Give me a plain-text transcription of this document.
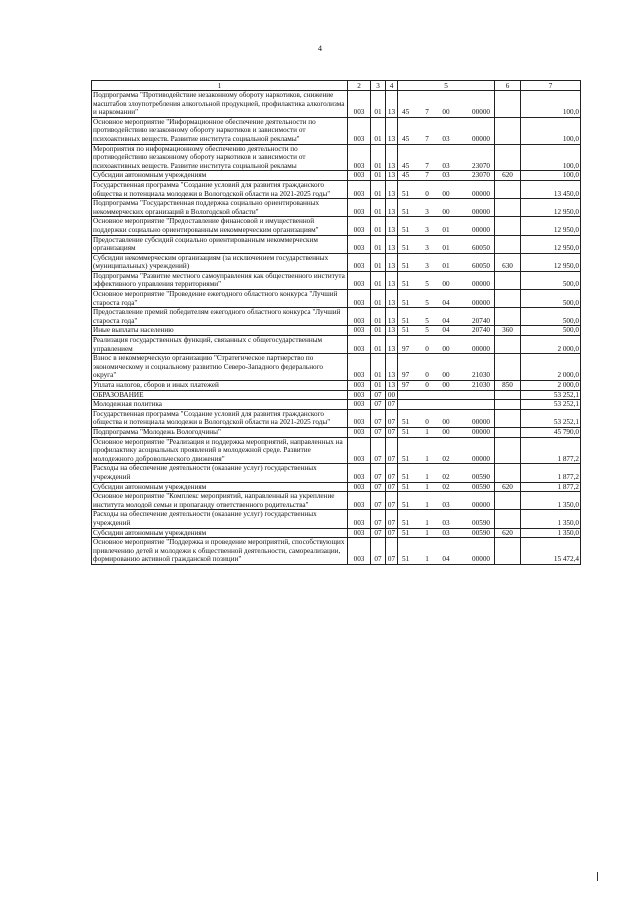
4
1	2	3	4	5	6	7
Подпрограмма "Противодействие незаконному обороту наркотиков, снижение масштабов злоупотребления алкогольной продукцией, профилактика алкоголизма и наркомании"	003	01	13	45 7 00 00000		100,0
Основное мероприятие "Информационное обеспечение деятельности по противодействию незаконному обороту наркотиков и зависимости от психоактивных веществ. Развитие института социальной рекламы"	003	01	13	45 7 03 00000		100,0
Мероприятия по информационному обеспечению деятельности по противодействию незаконному обороту наркотиков и зависимости от психоактивных веществ. Развитие института социальной рекламы	003	01	13	45 7 03 23070		100,0
Субсидии автономным учреждениям	003	01	13	45 7 03 23070	620	100,0
Государственная программа "Создание условий для развития гражданского общества и потенциала молодежи в Вологодской области на 2021-2025 годы"	003	01	13	51 0 00 00000		13 450,0
Подпрограмма "Государственная поддержка социально ориентированных некоммерческих организаций в Вологодской области"	003	01	13	51 3 00 00000		12 950,0
Основное мероприятие "Предоставление финансовой и имущественной поддержки социально ориентированным некоммерческим организациям"	003	01	13	51 3 01 00000		12 950,0
Предоставление субсидий социально ориентированным некоммерческим организациям	003	01	13	51 3 01 60050		12 950,0
Субсидии некоммерческим организациям (за исключением государственных (муниципальных) учреждений)	003	01	13	51 3 01 60050	630	12 950,0
Подпрограмма "Развитие местного самоуправления как общественного института эффективного управления территориями"	003	01	13	51 5 00 00000		500,0
Основное мероприятие "Проведение ежегодного областного конкурса "Лучший староста года"	003	01	13	51 5 04 00000		500,0
Предоставление премий победителям ежегодного областного конкурса "Лучший староста года"	003	01	13	51 5 04 20740		500,0
Иные выплаты населению	003	01	13	51 5 04 20740	360	500,0
Реализация государственных функций, связанных с общегосударственным управлением	003	01	13	97 0 00 00000		2 000,0
Взнос в некоммерческую организацию "Стратегическое партнерство по экономическому и социальному развитию Северо-Западного федерального округа"	003	01	13	97 0 00 21030		2 000,0
Уплата налогов, сборов и иных платежей	003	01	13	97 0 00 21030	850	2 000,0
ОБРАЗОВАНИЕ	003	07	00			53 252,1
Молодежная политика	003	07	07			53 252,1
Государственная программа "Создание условий для развития гражданского общества и потенциала молодежи в Вологодской области на 2021-2025 годы"	003	07	07	51 0 00 00000		53 252,1
Подпрограмма "Молодежь Вологодчины"	003	07	07	51 1 00 00000		45 790,0
Основное мероприятие "Реализация и поддержка мероприятий, направленных на профилактику асоциальных проявлений в молодежной среде. Развитие молодежного добровольческого движения"	003	07	07	51 1 02 00000		1 877,2
Расходы на обеспечение деятельности (оказание услуг) государственных учреждений	003	07	07	51 1 02 00590		1 877,2
Субсидии автономным учреждениям	003	07	07	51 1 02 00590	620	1 877,2
Основное мероприятие "Комплекс мероприятий, направленный на укрепление института молодой семьи и пропаганду ответственного родительства"	003	07	07	51 1 03 00000		1 350,0
Расходы на обеспечение деятельности (оказание услуг) государственных учреждений	003	07	07	51 1 03 00590		1 350,0
Субсидии автономным учреждениям	003	07	07	51 1 03 00590	620	1 350,0
Основное мероприятие "Поддержка и проведение мероприятий, способствующих привлечению детей и молодежи к общественной деятельности, самореализации, формированию активной гражданской позиции"	003	07	07	51 1 04 00000		15 472,4
